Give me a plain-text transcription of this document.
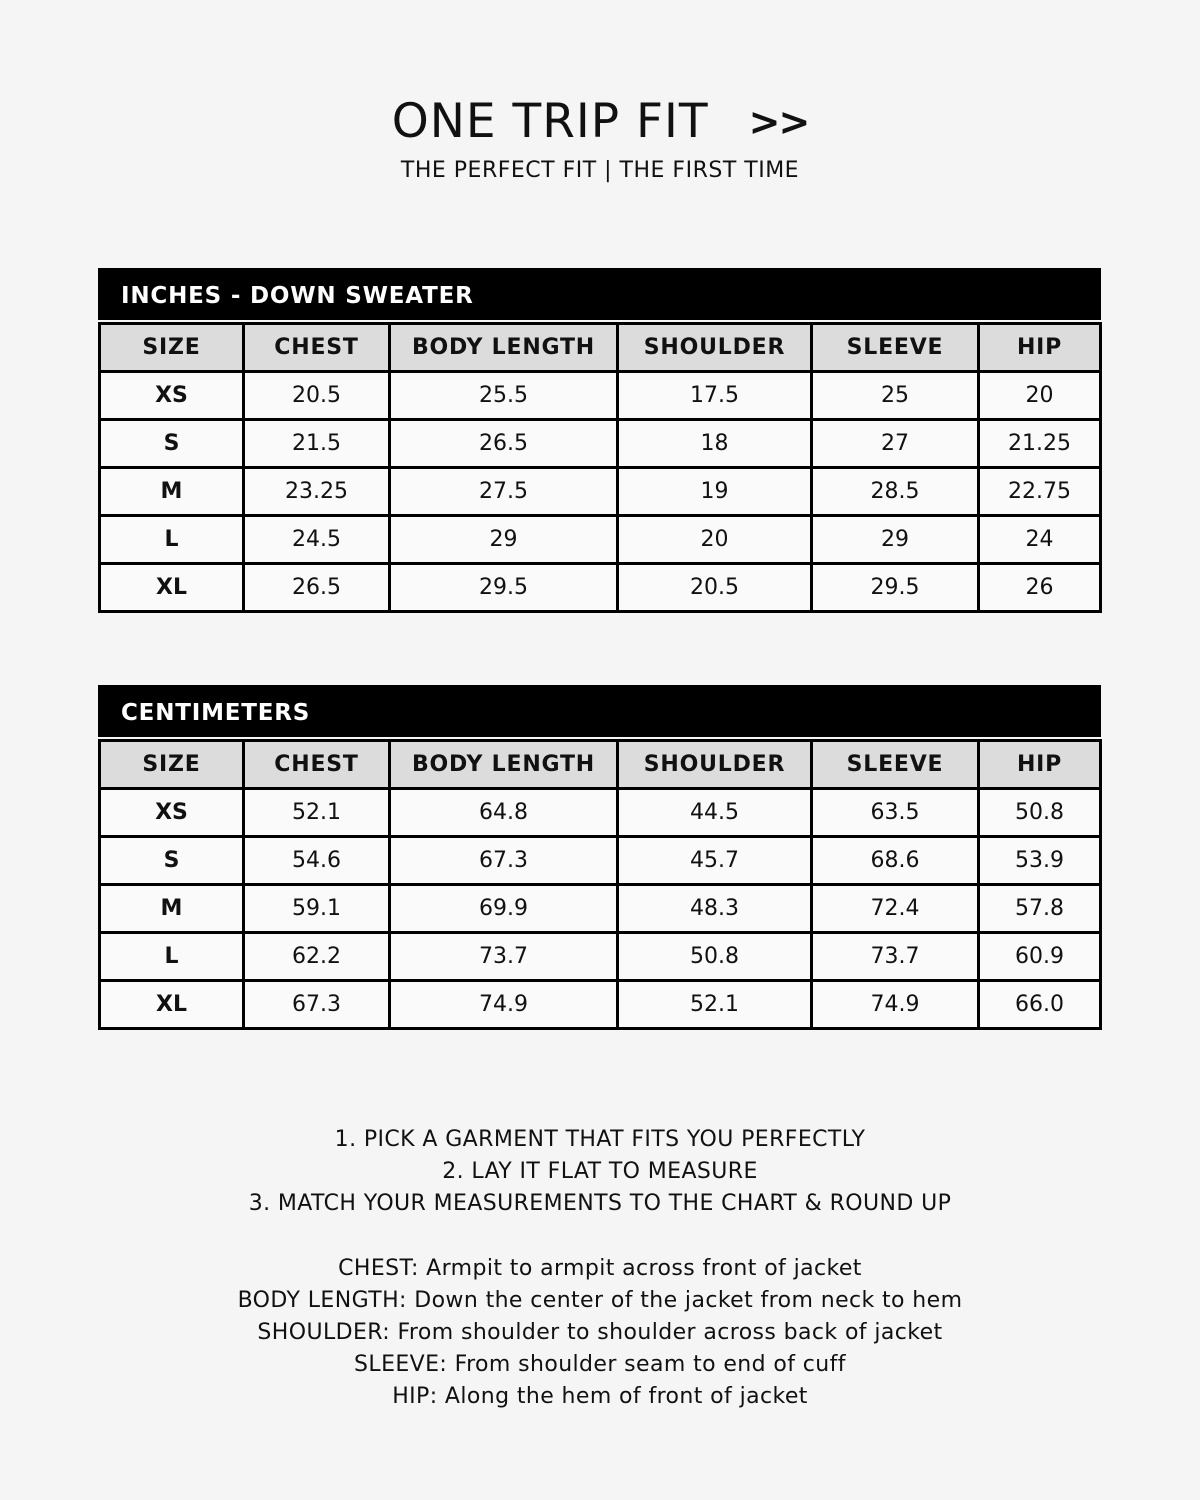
ONE TRIP FIT >>
THE PERFECT FIT | THE FIRST TIME
INCHES - DOWN SWEATER
SIZE	CHEST	BODY LENGTH	SHOULDER	SLEEVE	HIP
XS	20.5	25.5	17.5	25	20
S	21.5	26.5	18	27	21.25
M	23.25	27.5	19	28.5	22.75
L	24.5	29	20	29	24
XL	26.5	29.5	20.5	29.5	26
CENTIMETERS
SIZE	CHEST	BODY LENGTH	SHOULDER	SLEEVE	HIP
XS	52.1	64.8	44.5	63.5	50.8
S	54.6	67.3	45.7	68.6	53.9
M	59.1	69.9	48.3	72.4	57.8
L	62.2	73.7	50.8	73.7	60.9
XL	67.3	74.9	52.1	74.9	66.0
1. PICK A GARMENT THAT FITS YOU PERFECTLY
2. LAY IT FLAT TO MEASURE
3. MATCH YOUR MEASUREMENTS TO THE CHART & ROUND UP
CHEST: Armpit to armpit across front of jacket
BODY LENGTH: Down the center of the jacket from neck to hem
SHOULDER: From shoulder to shoulder across back of jacket
SLEEVE: From shoulder seam to end of cuff
HIP: Along the hem of front of jacket
